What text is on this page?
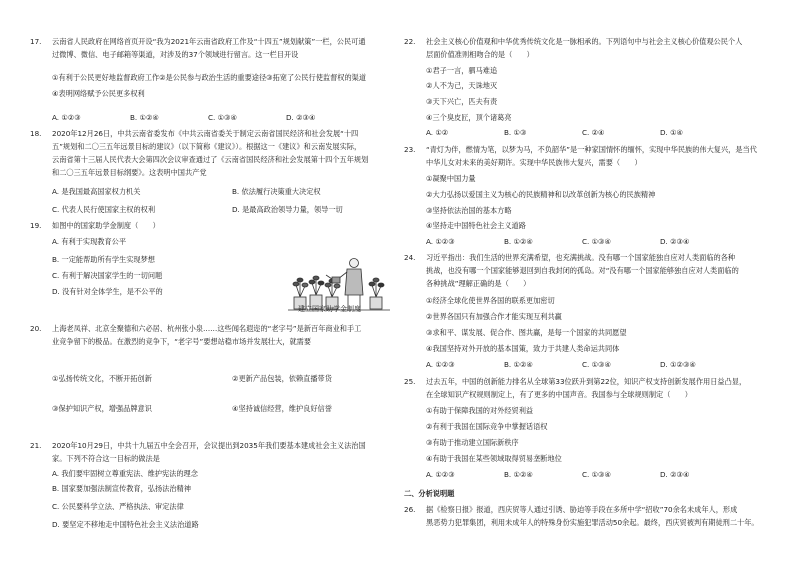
17. 云南省人民政府在网络首页开设“我为2021年云南省政府工作及“十四五”规划献策”一栏，公民可通
过微博、微信、电子邮箱等渠道，对涉及的37个领域进行留言。这一栏目开设
①有利于公民更好地监督政府工作②是公民参与政治生活的重要途径③拓宽了公民行使监督权的渠道
④表明网络赋予公民更多权利
A. ①②③	B. ①②④	C. ①③④	D. ②③④
18. 2020年12月26日，中共云南省委发布《中共云南省委关于制定云南省国民经济和社会发展“十四
五”规划和二〇三五年远景目标的建议》（以下简称《建议》）。根据这一《建议》和云南发展实际，
云南省第十三届人民代表大会第四次会议审查通过了《云南省国民经济和社会发展第十四个五年规划
和二〇三五年远景目标纲要》。这表明中国共产党
A. 是我国最高国家权力机关	B. 依法履行决策重大决定权
C. 代表人民行使国家主权的权利	D. 是最高政治领导力量，领导一切
19. 如图中的国家助学金制度（　　）
A. 有利于实现教育公平
B. 一定能帮助所有学生实现梦想
C. 有利于解决国家学生的一切问题
D. 没有针对全体学生，是不公平的
建立国家助学金制度
20. 上海老凤祥、北京全聚德和六必居、杭州张小泉……这些闻名遐迩的“老字号”是新百年商业和手工
业竞争留下的极品。在激烈的竞争下，“老字号”要想站稳市场并发展壮大，就需要
①弘扬传统文化，不断开拓创新	②更新产品包装，依赖直播带货
③保护知识产权，增强品牌意识	④坚持诚信经营，维护良好信誉
21. 2020年10月29日，中共十九届五中全会召开，会议提出到2035年我们要基本建成社会主义法治国
家。下列不符合这一目标的做法是
A. 我们要牢固树立尊重宪法、维护宪法的理念
B. 国家要加强法制宣传教育，弘扬法治精神
C. 公民要科学立法、严格执法、审定法律
D. 要坚定不移地走中国特色社会主义法治道路
22. 社会主义核心价值观和中华优秀传统文化是一脉相承的。下列语句中与社会主义核心价值观公民个人
层面价值准则相吻合的是（　　）
①君子一言，驷马难追
②人不为己，天诛地灭
③天下兴亡，匹夫有责
④三个臭皮匠，顶个诸葛亮
A. ①②	B. ①③	C. ②④	D. ①④
23. “青灯为伴，燃情为笔，以梦为马，不负韶华”是一种家国情怀的缅怀，实现中华民族的伟大复兴，是当代
中华儿女对未来的美好期许。实现中华民族伟大复兴，需要（　　）
①凝聚中国力量
②大力弘扬以爱国主义为核心的民族精神和以改革创新为核心的民族精神
③坚持依法治国的基本方略
④坚持走中国特色社会主义道路
A. ①②③	B. ①②④	C. ①③④	D. ②③④
24. 习近平指出：我们生活的世界充满希望，也充满挑战。没有哪一个国家能独自应对人类面临的各种
挑战，也没有哪一个国家能够退回到自我封闭的孤岛。对“没有哪一个国家能够独自应对人类面临的
各种挑战”理解正确的是（　　）
①经济全球化使世界各国的联系更加密切
②世界各国只有加强合作才能实现互利共赢
③求和平、谋发展、促合作、图共赢，是每一个国家的共同愿望
④我国坚持对外开放的基本国策，致力于共建人类命运共同体
A. ①②③	B. ①②④	C. ①③④	D. ①②③④
25. 过去五年，中国的创新能力排名从全球第33位跃升到第22位，知识产权支持创新发展作用日益凸显，
在全球知识产权规则制定上，有了更多的中国声音。我国参与全球规则制定（　　）
①有助于保障我国的对外经贸利益
②有利于我国在国际竞争中掌握话语权
③有助于推动建立国际新秩序
④有助于我国在某些领域取得贸易垄断地位
A. ①②③	B. ①②④	C. ①③④	D. ②③④
二、分析说明题
26. 据《检察日报》报道，西庆贸等人通过引诱、胁迫等手段在多所中学“招收”70余名未成年人，形成
黑恶势力犯罪集团，利用未成年人的特殊身份实施犯罪活动50余起。最终，西庆贸被判有期徒刑二十年。
